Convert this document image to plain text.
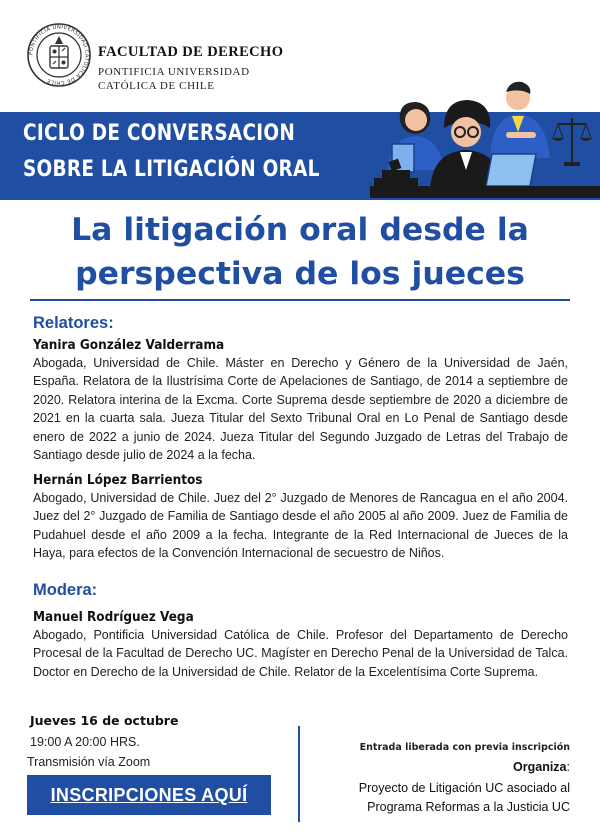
PONTIFICIA UNIVERSIDAD CATOLICA DE CHILE
FACULTAD DE DERECHO
PONTIFICIA UNIVERSIDAD
CATÓLICA DE CHILE
CICLO DE CONVERSACION
SOBRE LA LITIGACIÓN ORAL
La litigación oral desde la
perspectiva de los jueces
Relatores:
Yanira González Valderrama
Abogada, Universidad de Chile. Máster en Derecho y Género de la Universidad de Jaén, España. Relatora de la Ilustrísima Corte de Apelaciones de Santiago, de 2014 a septiembre de 2020. Relatora interina de la Excma. Corte Suprema desde septiembre de 2020 a diciembre de 2021 en la cuarta sala. Jueza Titular del Sexto Tribunal Oral en Lo Penal de Santiago desde enero de 2022 a junio de 2024. Jueza Titular del Segundo Juzgado de Letras del Trabajo de Santiago desde julio de 2024 a la fecha.
Hernán López Barrientos
Abogado, Universidad de Chile. Juez del 2° Juzgado de Menores de Rancagua en el año 2004. Juez del 2° Juzgado de Familia de Santiago desde el año 2005 al año 2009. Juez de Familia de Pudahuel desde el año 2009 a la fecha. Integrante de la Red Internacional de Jueces de la Haya, para efectos de la Convención Internacional de secuestro de Niños.
Modera:
Manuel Rodríguez Vega
Abogado, Pontificia Universidad Católica de Chile. Profesor del Departamento de Derecho Procesal de la Facultad de Derecho UC. Magíster en Derecho Penal de la Universidad de Talca. Doctor en Derecho de la Universidad de Chile. Relator de la Excelentísima Corte Suprema.
Jueves 16 de octubre
19:00 A 20:00 HRS.
Transmisión vía Zoom
INSCRIPCIONES AQUÍ
Entrada liberada con previa inscripción
Organiza:
Proyecto de Litigación UC asociado al
Programa Reformas a la Justicia UC
